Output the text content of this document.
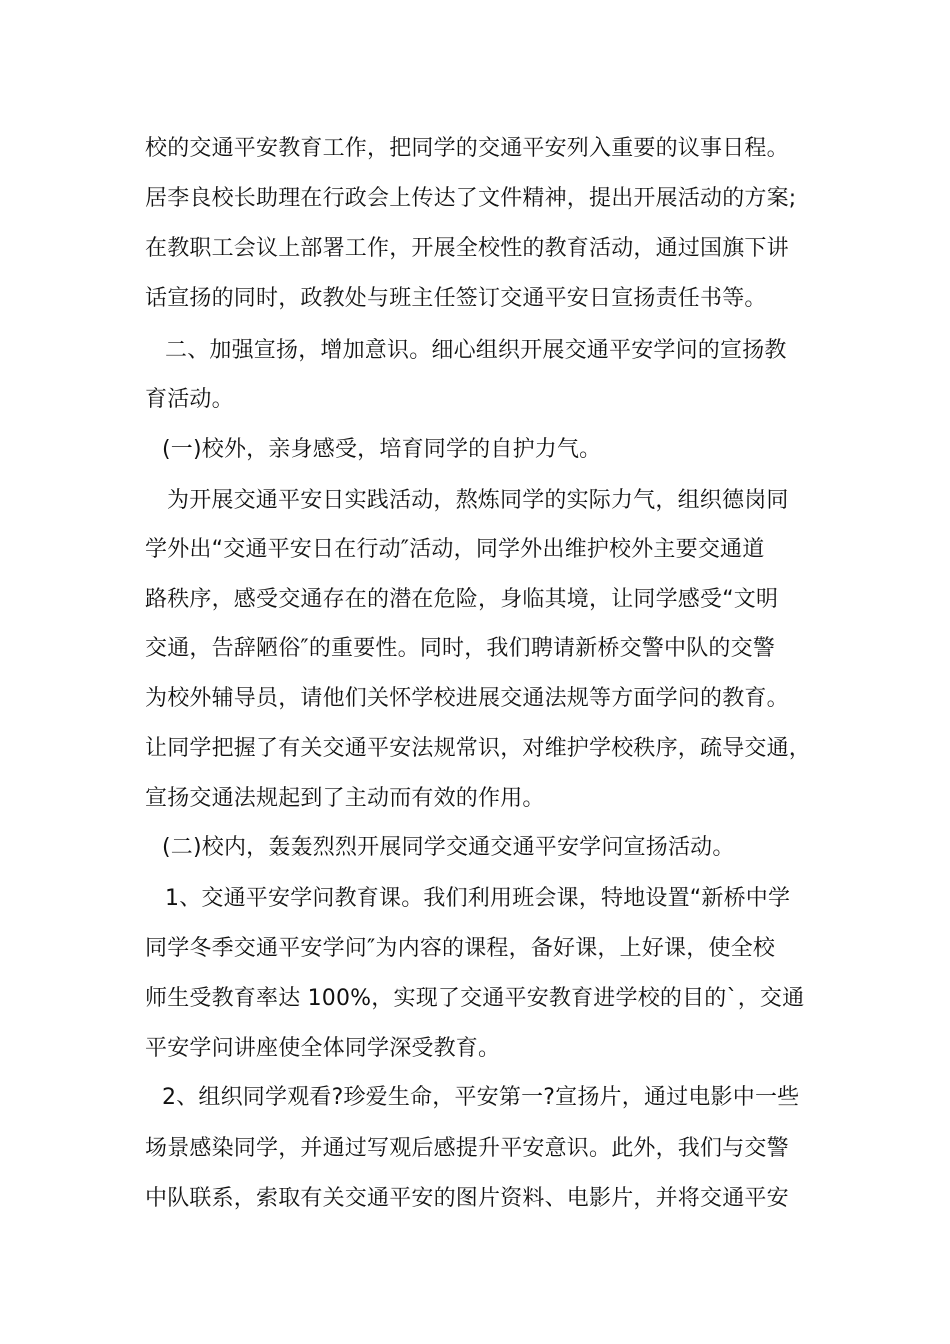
校的交通平安教育工作，把同学的交通平安列入重要的议事日程。
居李良校长助理在行政会上传达了文件精神，提出开展活动的方案;
在教职工会议上部署工作，开展全校性的教育活动，通过国旗下讲
话宣扬的同时，政教处与班主任签订交通平安日宣扬责任书等。
二、加强宣扬，增加意识。细心组织开展交通平安学问的宣扬教
育活动。
(一)校外，亲身感受，培育同学的自护力气。
为开展交通平安日实践活动，熬炼同学的实际力气，组织德岗同
学外出“交通平安日在行动″活动，同学外出维护校外主要交通道
路秩序，感受交通存在的潜在危险，身临其境，让同学感受“文明
交通，告辞陋俗″的重要性。同时，我们聘请新桥交警中队的交警
为校外辅导员，请他们关怀学校进展交通法规等方面学问的教育。
让同学把握了有关交通平安法规常识，对维护学校秩序，疏导交通，
宣扬交通法规起到了主动而有效的作用。
(二)校内，轰轰烈烈开展同学交通交通平安学问宣扬活动。
1、交通平安学问教育课。我们利用班会课，特地设置“新桥中学
同学冬季交通平安学问″为内容的课程，备好课，上好课，使全校
师生受教育率达 100%，实现了交通平安教育进学校的目的`，交通
平安学问讲座使全体同学深受教育。
2、组织同学观看?珍爱生命，平安第一?宣扬片，通过电影中一些
场景感染同学，并通过写观后感提升平安意识。此外，我们与交警
中队联系，索取有关交通平安的图片资料、电影片，并将交通平安
